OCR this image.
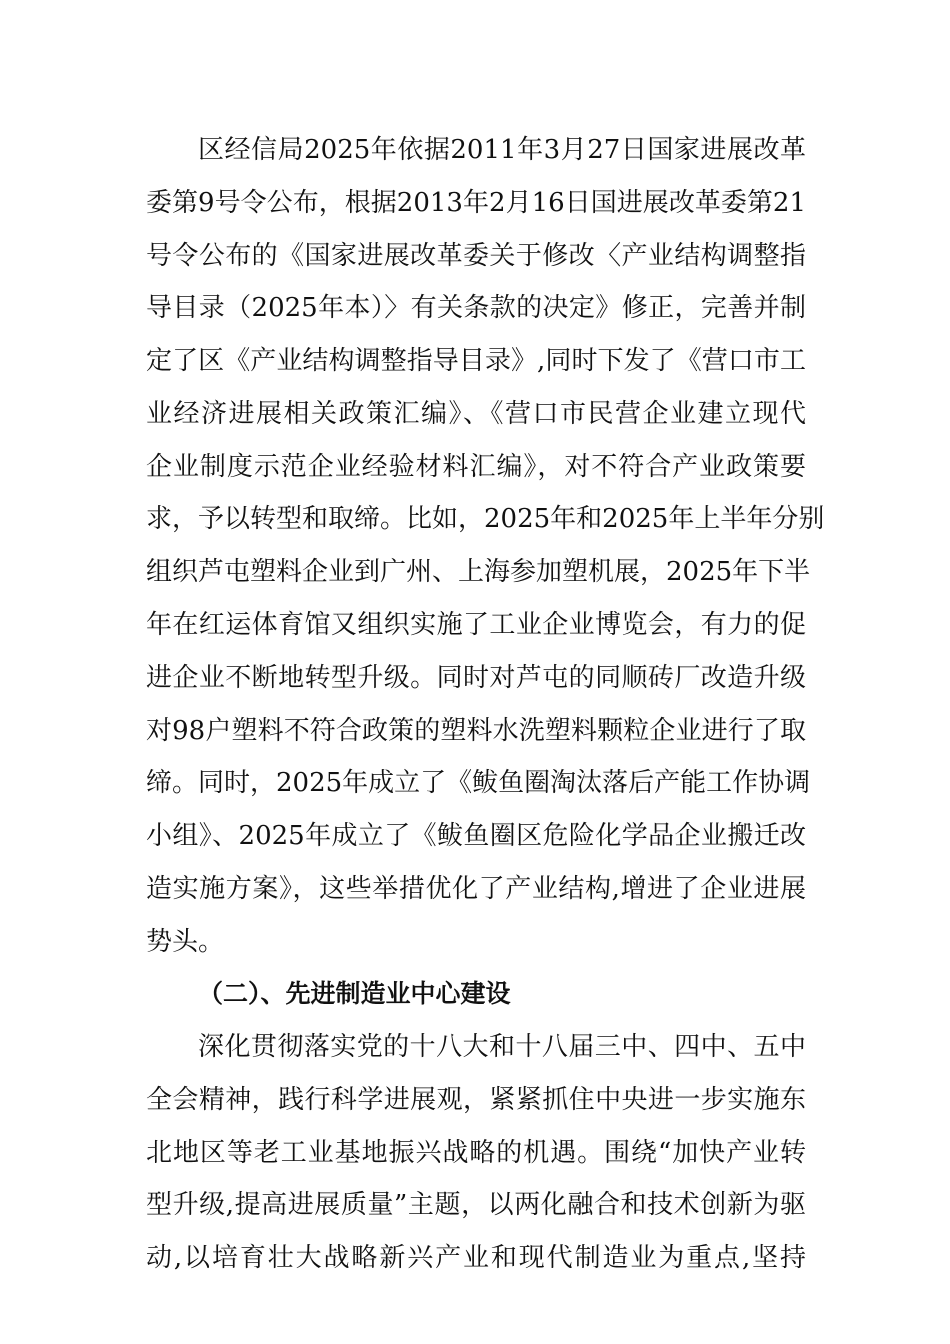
区经信局2025年依据2011年3月27日国家进展改革
委第9号令公布，根据2013年2月16日国进展改革委第21
号令公布的《国家进展改革委关于修改〈产业结构调整指
导目录（2025年本）〉有关条款的决定》修正，完善并制
定了区《产业结构调整指导目录》,同时下发了《营口市工
业经济进展相关政策汇编》、《营口市民营企业建立现代
企业制度示范企业经验材料汇编》，对不符合产业政策要
求，予以转型和取缔。比如，2025年和2025年上半年分别
组织芦屯塑料企业到广州、上海参加塑机展，2025年下半
年在红运体育馆又组织实施了工业企业博览会，有力的促
进企业不断地转型升级。同时对芦屯的同顺砖厂改造升级
对98户塑料不符合政策的塑料水洗塑料颗粒企业进行了取
缔。同时，2025年成立了《鲅鱼圈淘汰落后产能工作协调
小组》、2025年成立了《鲅鱼圈区危险化学品企业搬迁改
造实施方案》，这些举措优化了产业结构,增进了企业进展
势头。
（二）、先进制造业中心建设
深化贯彻落实党的十八大和十八届三中、四中、五中
全会精神，践行科学进展观，紧紧抓住中央进一步实施东
北地区等老工业基地振兴战略的机遇。围绕“加快产业转
型升级,提高进展质量”主题，以两化融合和技术创新为驱
动,以培育壮大战略新兴产业和现代制造业为重点,坚持
